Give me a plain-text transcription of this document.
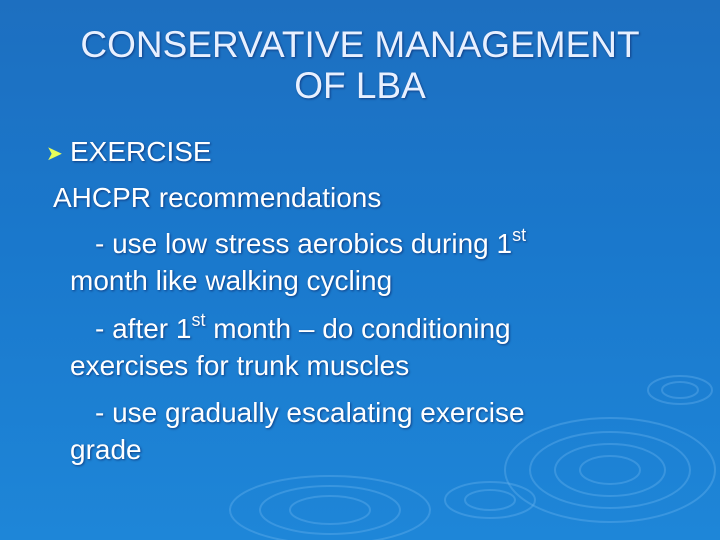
CONSERVATIVE MANAGEMENT
OF LBA
➤ EXERCISE
AHCPR recommendations
- use low stress aerobics during 1st
month like walking cycling
- after 1st month – do conditioning
exercises for trunk muscles
- use gradually escalating exercise
grade
